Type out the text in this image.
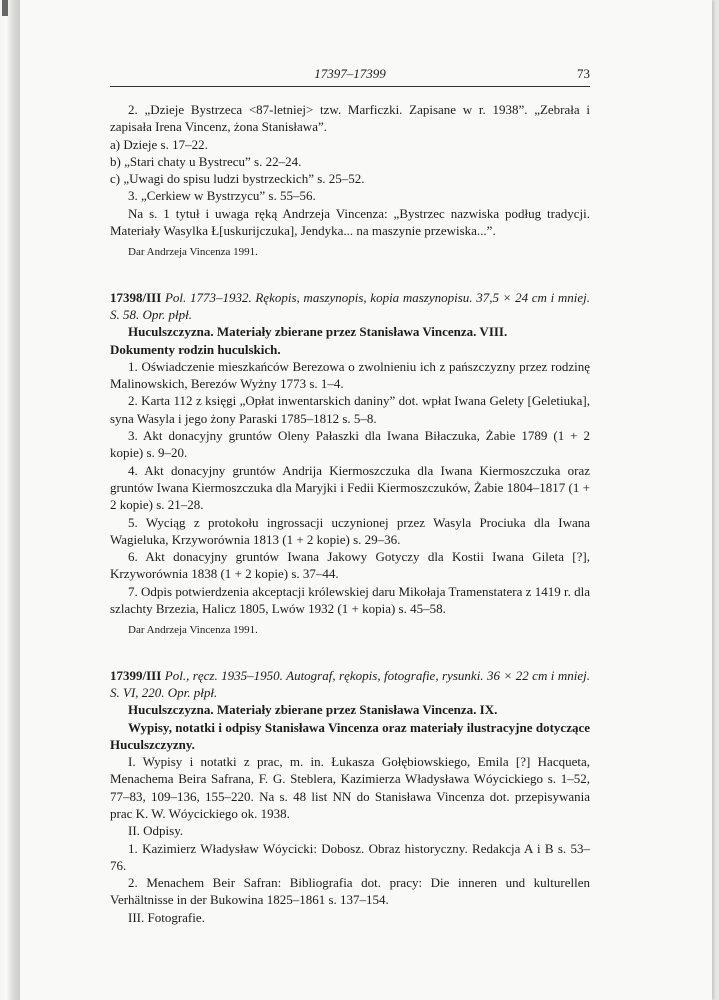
17397–17399	73

2. „Dzieje Bystrzeca <87-letniej> tzw. Marficzki. Zapisane w r. 1938”. „Zebrała i zapisała Irena Vincenz, żona Stanisława”.

a) Dzieje s. 17–22.

b) „Stari chaty u Bystrecu” s. 22–24.

c) „Uwagi do spisu ludzi bystrzeckich” s. 25–52.

3. „Cerkiew w Bystrzycu” s. 55–56.

Na s. 1 tytuł i uwaga ręką Andrzeja Vincenza: „Bystrzec nazwiska podług tradycji. Materiały Wasylka Ł[uskurijczuka], Jendyka... na maszynie przewiska...”.

Dar Andrzeja Vincenza 1991.

17398/III Pol. 1773–1932. Rękopis, maszynopis, kopia maszynopisu. 37,5 × 24 cm i mniej. S. 58. Opr. płpł.

Huculszczyzna. Materiały zbierane przez Stanisława Vincenza. VIII.

Dokumenty rodzin huculskich.

1. Oświadczenie mieszkańców Berezowa o zwolnieniu ich z pańszczyzny przez rodzinę Malinowskich, Berezów Wyżny 1773 s. 1–4.

2. Karta 112 z księgi „Opłat inwentarskich daniny” dot. wpłat Iwana Gelety [Geletiuka], syna Wasyla i jego żony Paraski 1785–1812 s. 5–8.

3. Akt donacyjny gruntów Oleny Pałaszki dla Iwana Biłaczuka, Żabie 1789 (1 + 2 kopie) s. 9–20.

4. Akt donacyjny gruntów Andrija Kiermoszczuka dla Iwana Kiermoszczuka oraz gruntów Iwana Kiermoszczuka dla Maryjki i Fedii Kiermoszczuków, Żabie 1804–1817 (1 + 2 kopie) s. 21–28.

5. Wyciąg z protokołu ingrossacji uczynionej przez Wasyla Prociuka dla Iwana Wagieluka, Krzyworównia 1813 (1 + 2 kopie) s. 29–36.

6. Akt donacyjny gruntów Iwana Jakowy Gotyczy dla Kostii Iwana Gileta [?], Krzyworównia 1838 (1 + 2 kopie) s. 37–44.

7. Odpis potwierdzenia akceptacji królewskiej daru Mikołaja Tramenstatera z 1419 r. dla szlachty Brzezia, Halicz 1805, Lwów 1932 (1 + kopia) s. 45–58.

Dar Andrzeja Vincenza 1991.

17399/III Pol., ręcz. 1935–1950. Autograf, rękopis, fotografie, rysunki. 36 × 22 cm i mniej. S. VI, 220. Opr. płpł.

Huculszczyzna. Materiały zbierane przez Stanisława Vincenza. IX.

Wypisy, notatki i odpisy Stanisława Vincenza oraz materiały ilustracyjne dotyczące Huculszczyzny.

I. Wypisy i notatki z prac, m. in. Łukasza Gołębiowskiego, Emila [?] Hacqueta, Menachema Beira Safrana, F. G. Steblera, Kazimierza Władysława Wóycickiego s. 1–52, 77–83, 109–136, 155–220. Na s. 48 list NN do Stanisława Vincenza dot. przepisywania prac K. W. Wóycickiego ok. 1938.

II. Odpisy.

1. Kazimierz Władysław Wóycicki: Dobosz. Obraz historyczny. Redakcja A i B s. 53–76.

2. Menachem Beir Safran: Bibliografia dot. pracy: Die inneren und kulturellen Verhältnisse in der Bukowina 1825–1861 s. 137–154.

III. Fotografie.
